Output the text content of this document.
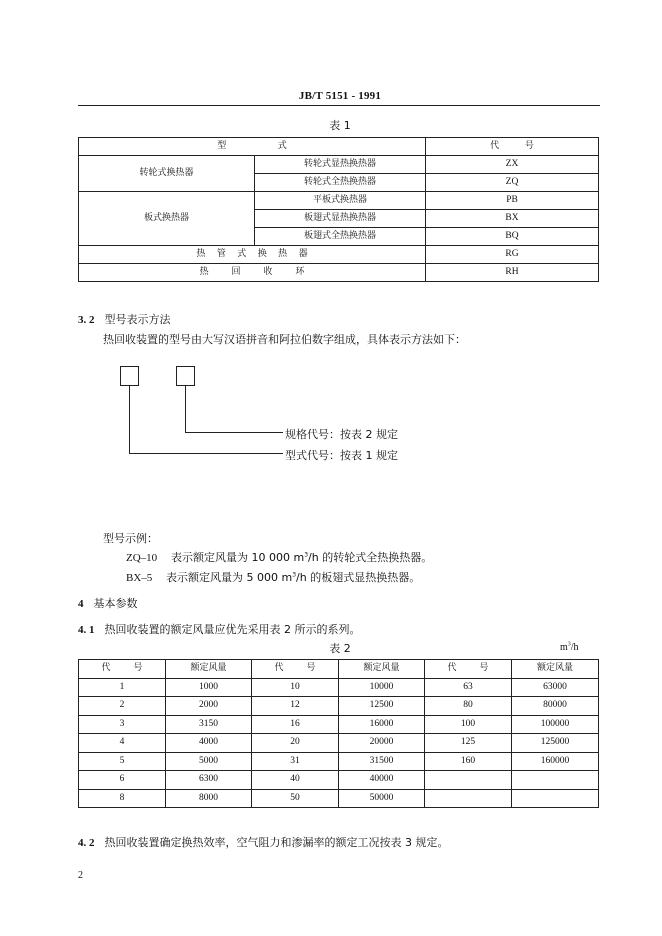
JB/T 5151 - 1991
表 1
型                  式		代         号
转轮式换热器	转轮式显热换热器	ZX
	转轮式全热换热器	ZQ
板式换热器	平板式换热器	PB
	板翅式显热换热器	BX
	板翅式全热换热器	BQ
热    管    式    换    热    器		RG
热        回        收        环		RH
3. 2 型号表示方法
热回收装置的型号由大写汉语拼音和阿拉伯数字组成，具体表示方法如下：
规格代号：按表 2 规定
型式代号：按表 1 规定
型号示例：
ZQ–10 表示额定风量为 10 000 $m^3/h$ 的转轮式全热换热器。
BX–5 表示额定风量为 5 000 $m^3/h$ 的板翅式显热换热器。
4 基本参数
4. 1 热回收装置的额定风量应优先采用表 2 所示的系列。
表 2	$m^3/h$
代        号	额定风量	代        号	额定风量	代        号	额定风量
1	1000	10	10000	63	63000
2	2000	12	12500	80	80000
3	3150	16	16000	100	100000
4	4000	20	20000	125	125000
5	5000	31	31500	160	160000
6	6300	40	40000		
8	8000	50	50000		
4. 2 热回收装置确定换热效率，空气阻力和渗漏率的额定工况按表 3 规定。
2
